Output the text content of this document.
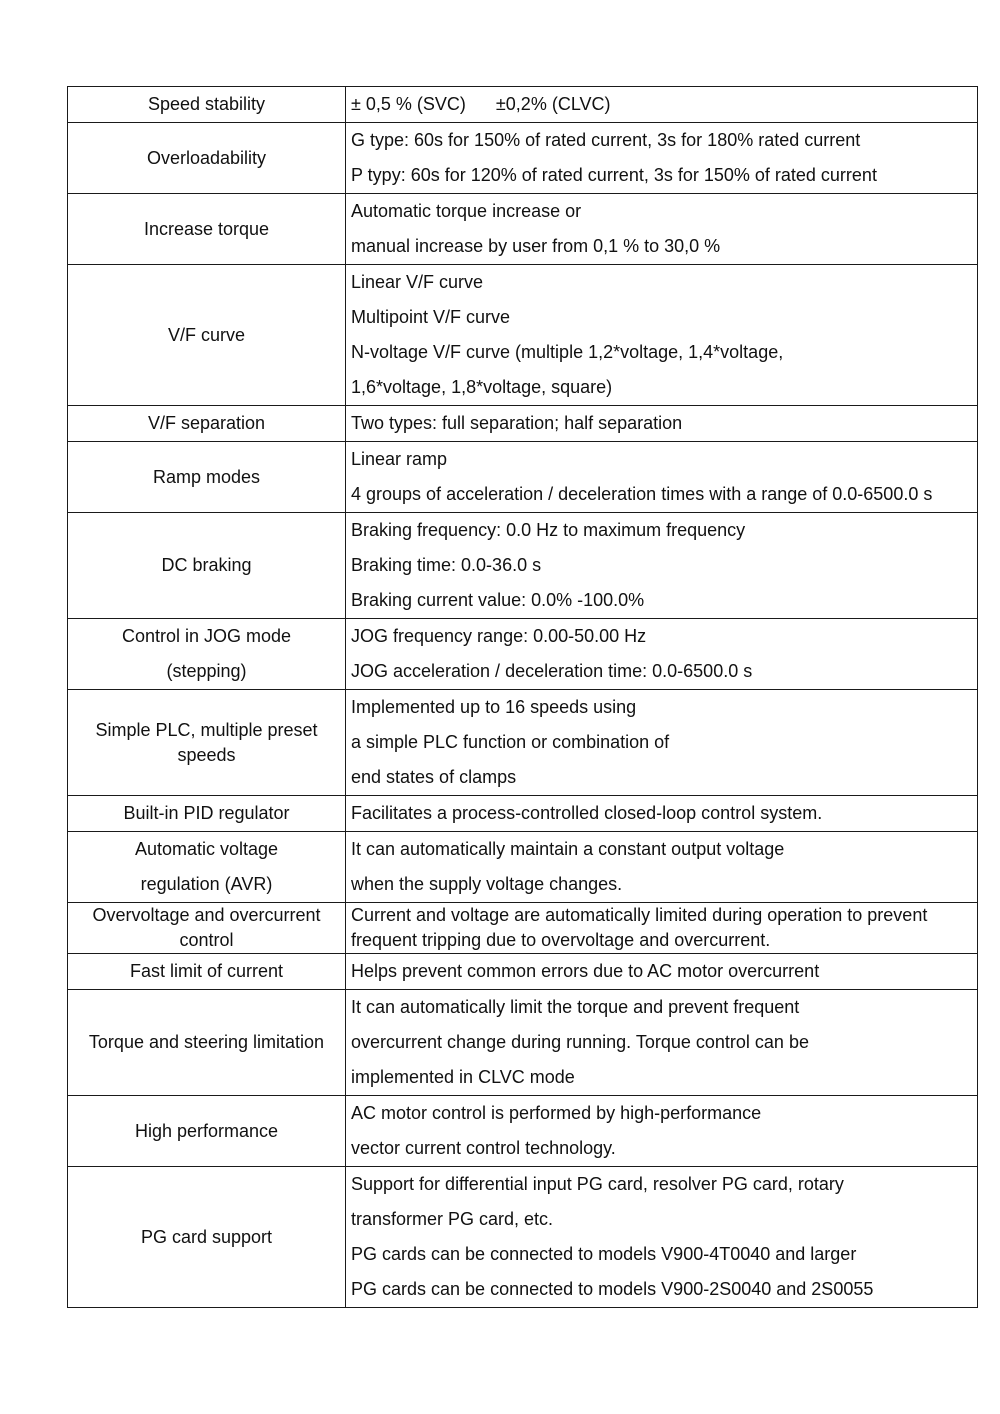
Speed stability	± 0,5 % (SVC)      ±0,2% (CLVC)

Overloadability	G type: 60s for 150% of rated current, 3s for 180% rated current
P typy: 60s for 120% of rated current, 3s for 150% of rated current

Increase torque	Automatic torque increase or
manual increase by user from 0,1 % to 30,0 %

V/F curve	Linear V/F curve
Multipoint V/F curve
N-voltage V/F curve (multiple 1,2*voltage, 1,4*voltage,
1,6*voltage, 1,8*voltage, square)

V/F separation	Two types: full separation; half separation

Ramp modes	Linear ramp
4 groups of acceleration / deceleration times with a range of 0.0-6500.0 s

DC braking	Braking frequency: 0.0 Hz to maximum frequency
Braking time: 0.0-36.0 s
Braking current value: 0.0% -100.0%

Control in JOG mode
(stepping)	JOG frequency range: 0.00-50.00 Hz
JOG acceleration / deceleration time: 0.0-6500.0 s

Simple PLC, multiple preset
speeds	Implemented up to 16 speeds using
a simple PLC function or combination of
end states of clamps

Built-in PID regulator	Facilitates a process-controlled closed-loop control system.

Automatic voltage
regulation (AVR)	It can automatically maintain a constant output voltage
when the supply voltage changes.

Overvoltage and overcurrent
control	Current and voltage are automatically limited during operation to prevent
frequent tripping due to overvoltage and overcurrent.

Fast limit of current	Helps prevent common errors due to AC motor overcurrent

Torque and steering limitation	It can automatically limit the torque and prevent frequent
overcurrent change during running. Torque control can be
implemented in CLVC mode

High performance	AC motor control is performed by high-performance
vector current control technology.

PG card support	Support for differential input PG card, resolver PG card, rotary
transformer PG card, etc.
PG cards can be connected to models V900-4T0040 and larger
PG cards can be connected to models V900-2S0040 and 2S0055
